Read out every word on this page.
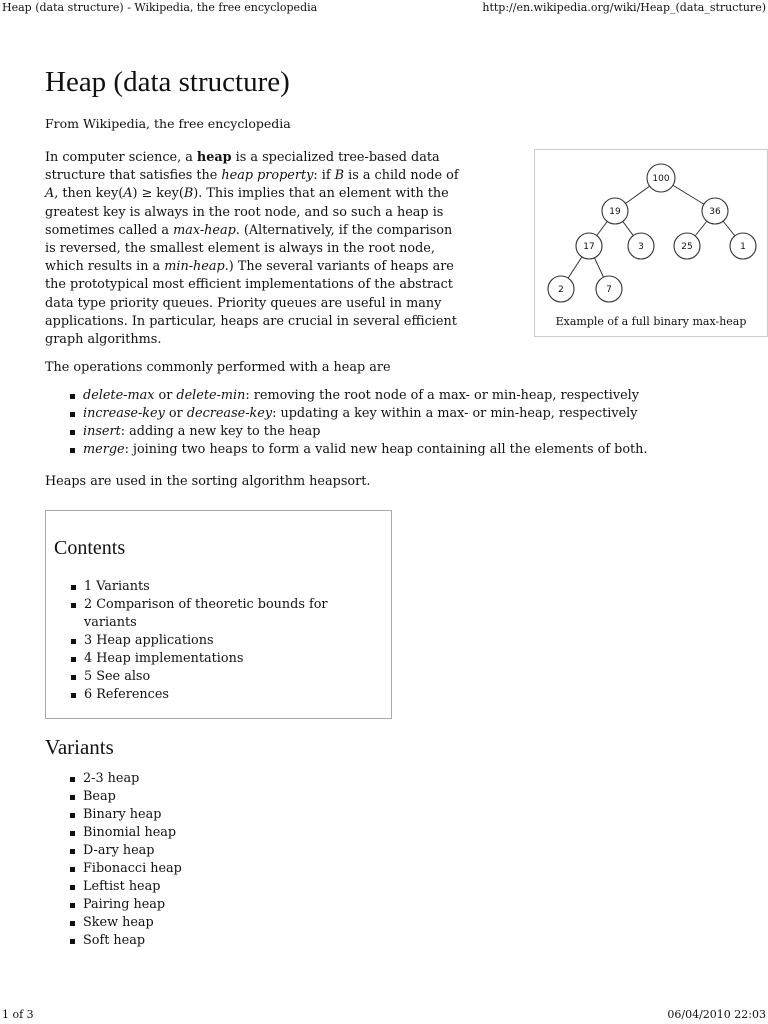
Heap (data structure) - Wikipedia, the free encyclopedia	http://en.wikipedia.org/wiki/Heap_(data_structure)
Heap (data structure)
From Wikipedia, the free encyclopedia
100
19	36
17	3	25	1
2	7
Example of a full binary max-heap
In computer science, a heap is a specialized tree-based data structure that satisfies the heap property: if B is a child node of A, then key(A) ≥ key(B). This implies that an element with the greatest key is always in the root node, and so such a heap is sometimes called a max-heap. (Alternatively, if the comparison is reversed, the smallest element is always in the root node, which results in a min-heap.) The several variants of heaps are the prototypical most efficient implementations of the abstract data type priority queues. Priority queues are useful in many applications. In particular, heaps are crucial in several efficient graph algorithms.
The operations commonly performed with a heap are
delete-max or delete-min: removing the root node of a max- or min-heap, respectively
increase-key or decrease-key: updating a key within a max- or min-heap, respectively
insert: adding a new key to the heap
merge: joining two heaps to form a valid new heap containing all the elements of both.
Heaps are used in the sorting algorithm heapsort.
Contents
1 Variants
2 Comparison of theoretic bounds for variants
3 Heap applications
4 Heap implementations
5 See also
6 References
Variants
2-3 heap
Beap
Binary heap
Binomial heap
D-ary heap
Fibonacci heap
Leftist heap
Pairing heap
Skew heap
Soft heap
1 of 3	06/04/2010 22:03
